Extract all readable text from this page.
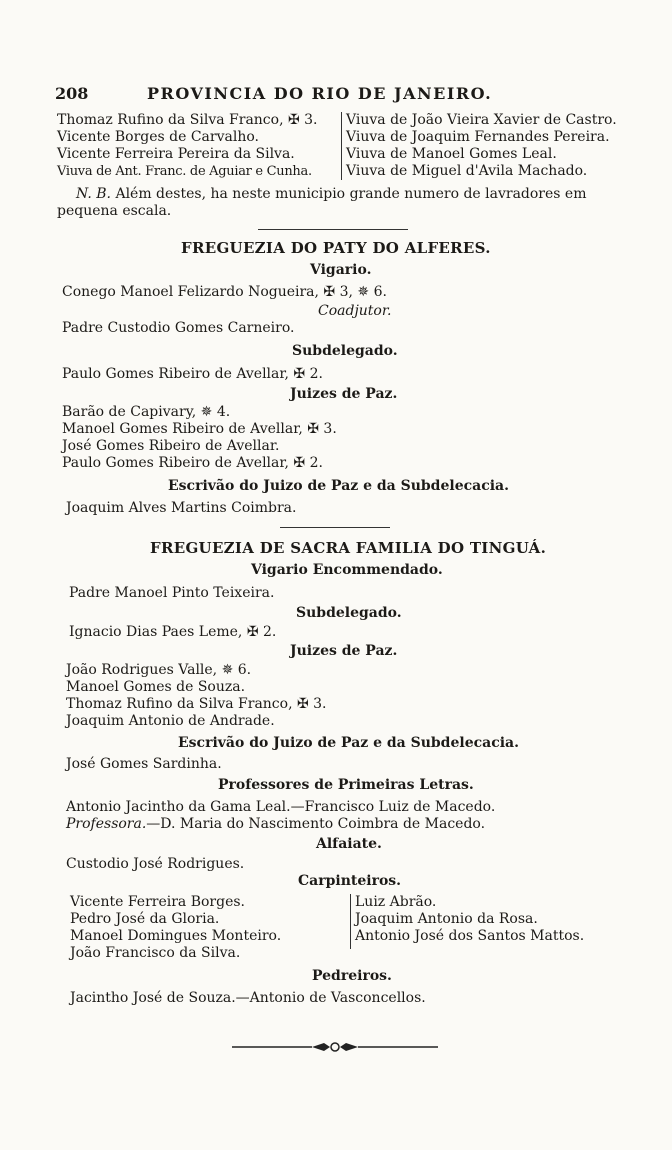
208	PROVINCIA DO RIO DE JANEIRO.
Thomaz Rufino da Silva Franco, ✠ 3.
Vicente Borges de Carvalho.
Vicente Ferreira Pereira da Silva.
Viuva de Ant. Franc. de Aguiar e Cunha.
Viuva de João Vieira Xavier de Castro.
Viuva de Joaquim Fernandes Pereira.
Viuva de Manoel Gomes Leal.
Viuva de Miguel d'Avila Machado.
N. B. Além destes, ha neste municipio grande numero de lavradores em
pequena escala.
FREGUEZIA DO PATY DO ALFERES.
Vigario.
Conego Manoel Felizardo Nogueira, ✠ 3, ✵ 6.
Coadjutor.
Padre Custodio Gomes Carneiro.
Subdelegado.
Paulo Gomes Ribeiro de Avellar, ✠ 2.
Juizes de Paz.
Barão de Capivary, ✵ 4.
Manoel Gomes Ribeiro de Avellar, ✠ 3.
José Gomes Ribeiro de Avellar.
Paulo Gomes Ribeiro de Avellar, ✠ 2.
Escrivão do Juizo de Paz e da Subdelecacia.
Joaquim Alves Martins Coimbra.
FREGUEZIA DE SACRA FAMILIA DO TINGUÁ.
Vigario Encommendado.
Padre Manoel Pinto Teixeira.
Subdelegado.
Ignacio Dias Paes Leme, ✠ 2.
Juizes de Paz.
João Rodrigues Valle, ✵ 6.
Manoel Gomes de Souza.
Thomaz Rufino da Silva Franco, ✠ 3.
Joaquim Antonio de Andrade.
Escrivão do Juizo de Paz e da Subdelecacia.
José Gomes Sardinha.
Professores de Primeiras Letras.
Antonio Jacintho da Gama Leal.—Francisco Luiz de Macedo.
Professora.—D. Maria do Nascimento Coimbra de Macedo.
Alfaiate.
Custodio José Rodrigues.
Carpinteiros.
Vicente Ferreira Borges.
Pedro José da Gloria.
Manoel Domingues Monteiro.
João Francisco da Silva.
Luiz Abrão.
Joaquim Antonio da Rosa.
Antonio José dos Santos Mattos.
Pedreiros.
Jacintho José de Souza.—Antonio de Vasconcellos.
